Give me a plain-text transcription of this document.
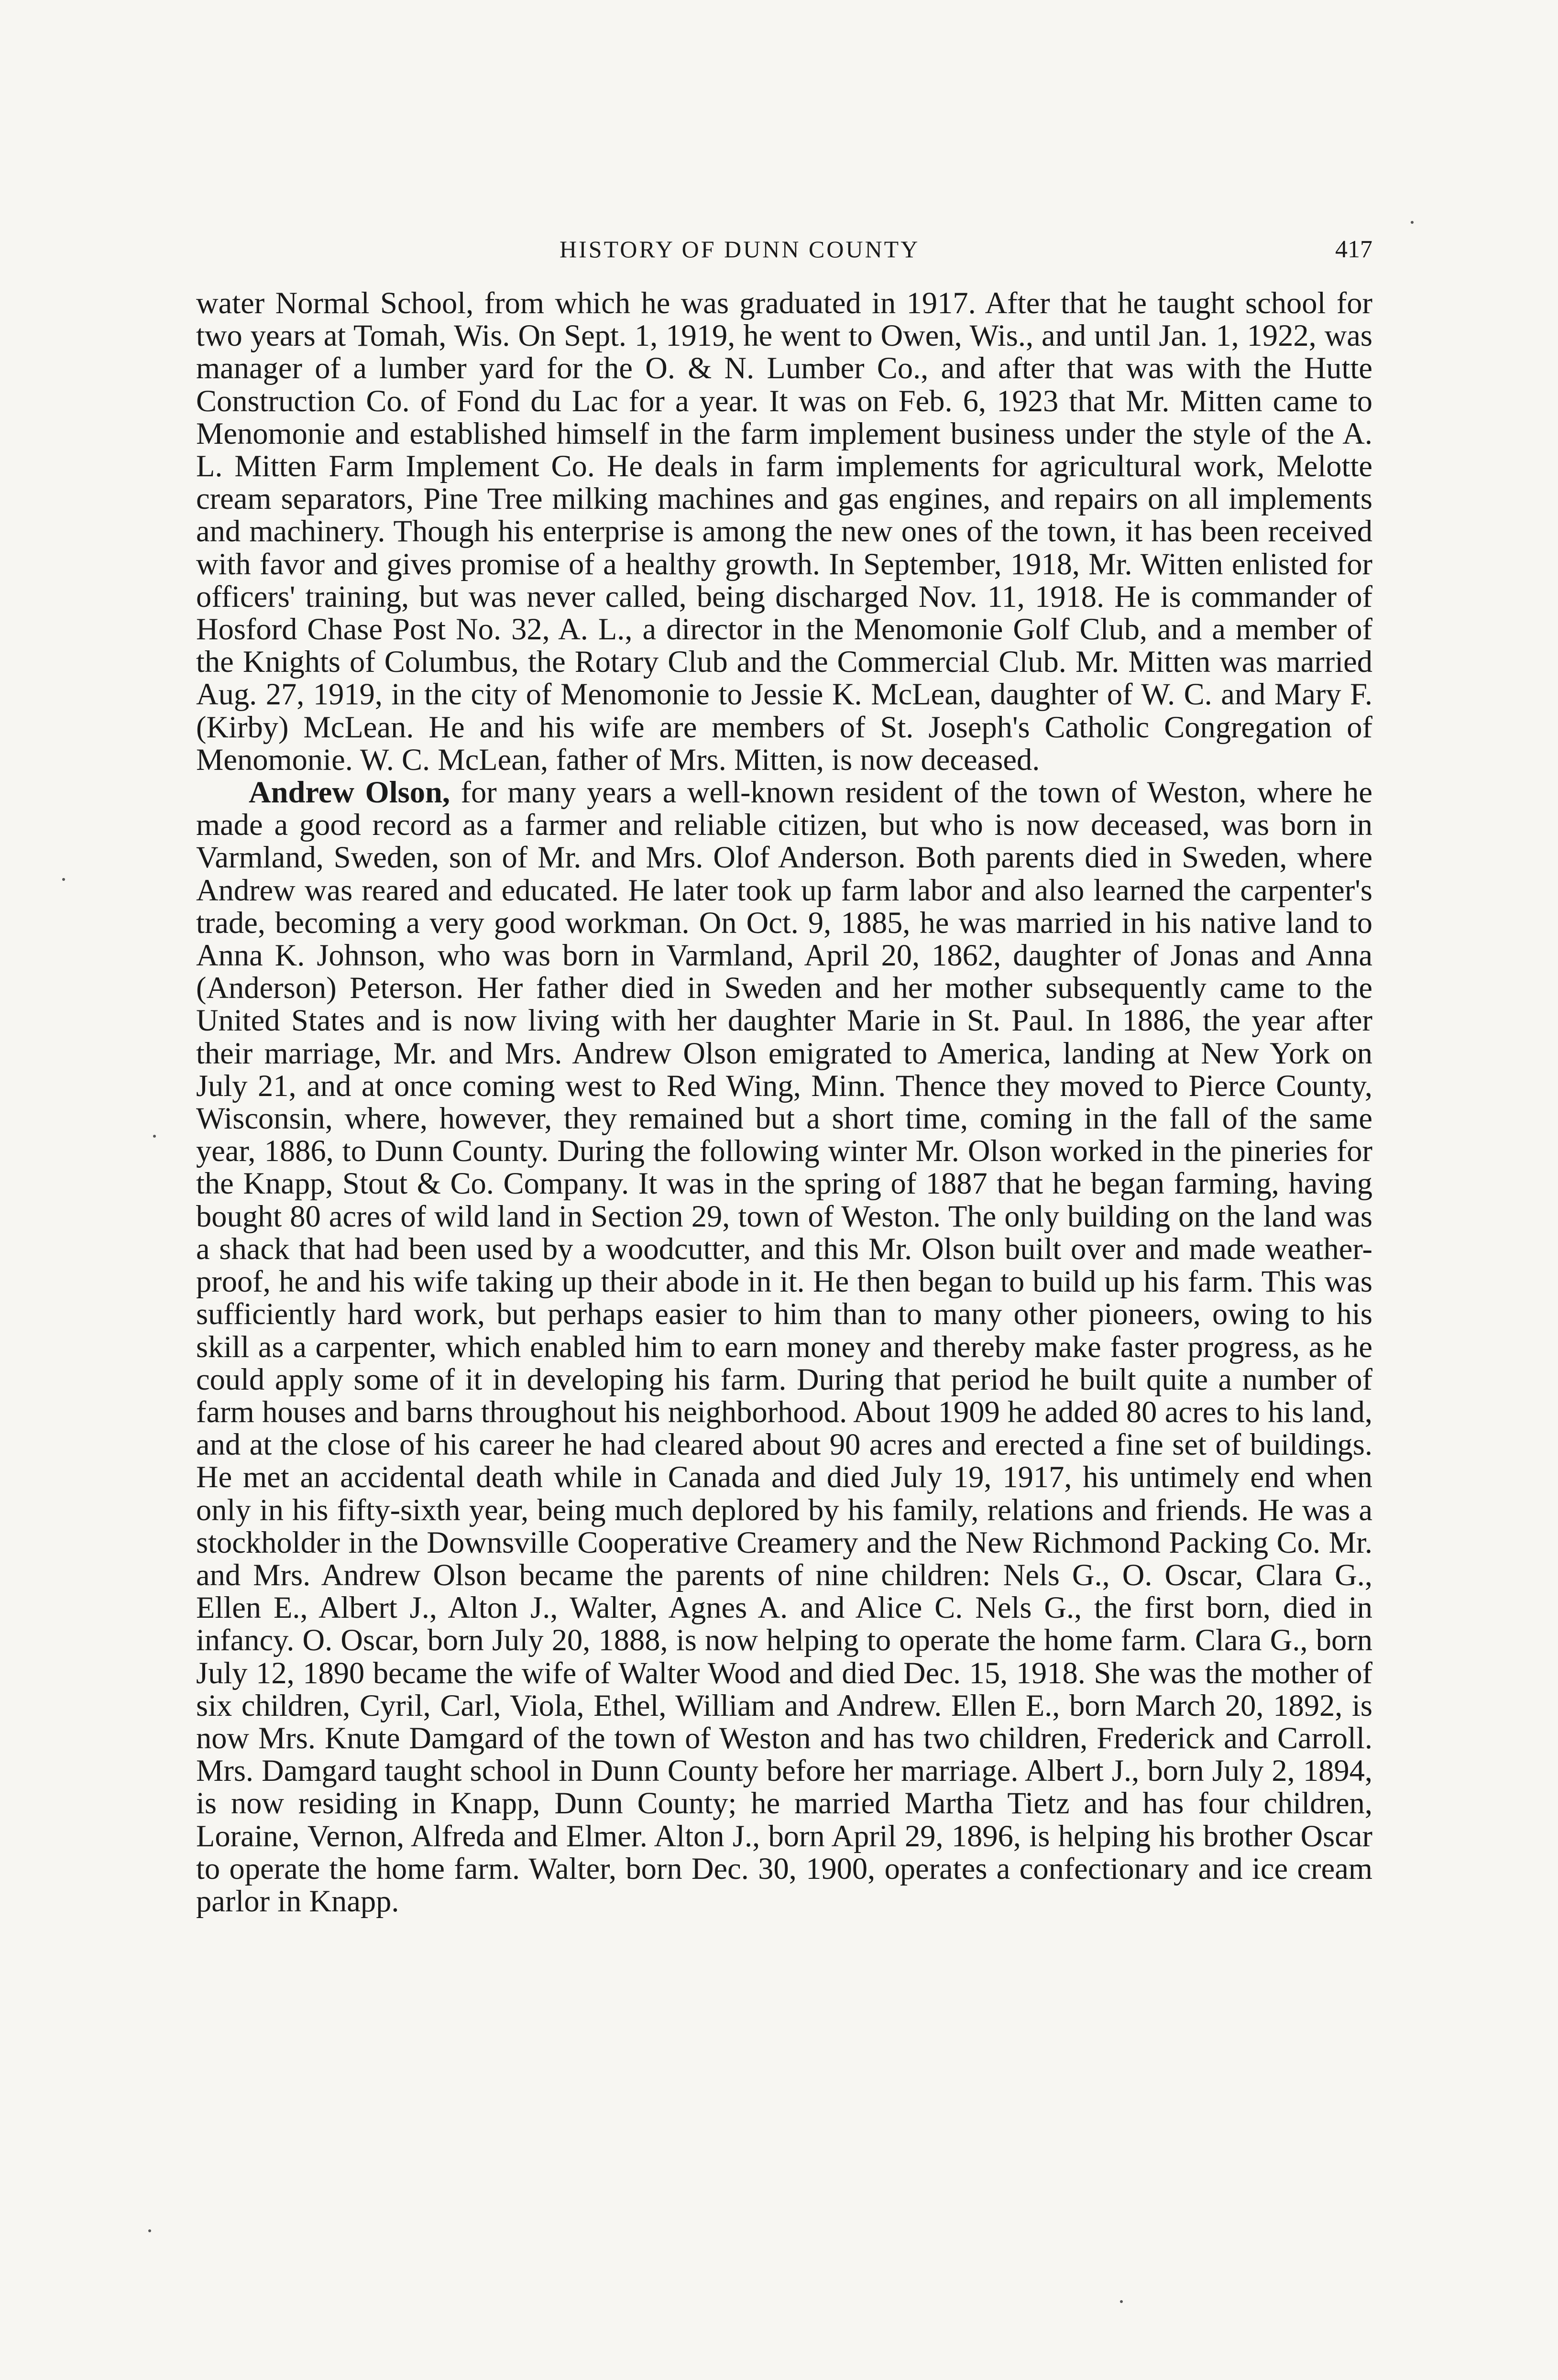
HISTORY OF DUNN COUNTY	417

water Normal School, from which he was graduated in 1917. After that he taught school for two years at Tomah, Wis. On Sept. 1, 1919, he went to Owen, Wis., and until Jan. 1, 1922, was manager of a lumber yard for the O. & N. Lumber Co., and after that was with the Hutte Construction Co. of Fond du Lac for a year. It was on Feb. 6, 1923 that Mr. Mitten came to Menomonie and established himself in the farm implement business under the style of the A. L. Mitten Farm Implement Co. He deals in farm implements for agricultural work, Melotte cream separators, Pine Tree milking machines and gas engines, and repairs on all implements and machinery. Though his enterprise is among the new ones of the town, it has been received with favor and gives promise of a healthy growth. In September, 1918, Mr. Witten enlisted for officers' training, but was never called, being discharged Nov. 11, 1918. He is commander of Hosford Chase Post No. 32, A. L., a director in the Menomonie Golf Club, and a member of the Knights of Columbus, the Rotary Club and the Commercial Club. Mr. Mitten was married Aug. 27, 1919, in the city of Menomonie to Jessie K. McLean, daughter of W. C. and Mary F. (Kirby) McLean. He and his wife are members of St. Joseph's Catholic Congregation of Menomonie. W. C. McLean, father of Mrs. Mitten, is now deceased.

Andrew Olson, for many years a well-known resident of the town of Weston, where he made a good record as a farmer and reliable citizen, but who is now deceased, was born in Varmland, Sweden, son of Mr. and Mrs. Olof Anderson. Both parents died in Sweden, where Andrew was reared and educated. He later took up farm labor and also learned the carpenter's trade, becoming a very good workman. On Oct. 9, 1885, he was married in his native land to Anna K. Johnson, who was born in Varmland, April 20, 1862, daughter of Jonas and Anna (Anderson) Peterson. Her father died in Sweden and her mother subsequently came to the United States and is now living with her daughter Marie in St. Paul. In 1886, the year after their marriage, Mr. and Mrs. Andrew Olson emigrated to America, landing at New York on July 21, and at once coming west to Red Wing, Minn. Thence they moved to Pierce County, Wisconsin, where, however, they remained but a short time, coming in the fall of the same year, 1886, to Dunn County. During the following winter Mr. Olson worked in the pineries for the Knapp, Stout & Co. Company. It was in the spring of 1887 that he began farming, having bought 80 acres of wild land in Section 29, town of Weston. The only building on the land was a shack that had been used by a woodcutter, and this Mr. Olson built over and made weather-proof, he and his wife taking up their abode in it. He then began to build up his farm. This was sufficiently hard work, but perhaps easier to him than to many other pioneers, owing to his skill as a carpenter, which enabled him to earn money and thereby make faster progress, as he could apply some of it in developing his farm. During that period he built quite a number of farm houses and barns throughout his neighborhood. About 1909 he added 80 acres to his land, and at the close of his career he had cleared about 90 acres and erected a fine set of buildings. He met an accidental death while in Canada and died July 19, 1917, his untimely end when only in his fifty-sixth year, being much deplored by his family, relations and friends. He was a stockholder in the Downsville Cooperative Creamery and the New Richmond Packing Co. Mr. and Mrs. Andrew Olson became the parents of nine children: Nels G., O. Oscar, Clara G., Ellen E., Albert J., Alton J., Walter, Agnes A. and Alice C. Nels G., the first born, died in infancy. O. Oscar, born July 20, 1888, is now helping to operate the home farm. Clara G., born July 12, 1890 became the wife of Walter Wood and died Dec. 15, 1918. She was the mother of six children, Cyril, Carl, Viola, Ethel, William and Andrew. Ellen E., born March 20, 1892, is now Mrs. Knute Damgard of the town of Weston and has two children, Frederick and Carroll. Mrs. Damgard taught school in Dunn County before her marriage. Albert J., born July 2, 1894, is now residing in Knapp, Dunn County; he married Martha Tietz and has four children, Loraine, Vernon, Alfreda and Elmer. Alton J., born April 29, 1896, is helping his brother Oscar to operate the home farm. Walter, born Dec. 30, 1900, operates a confectionary and ice cream parlor in Knapp.
